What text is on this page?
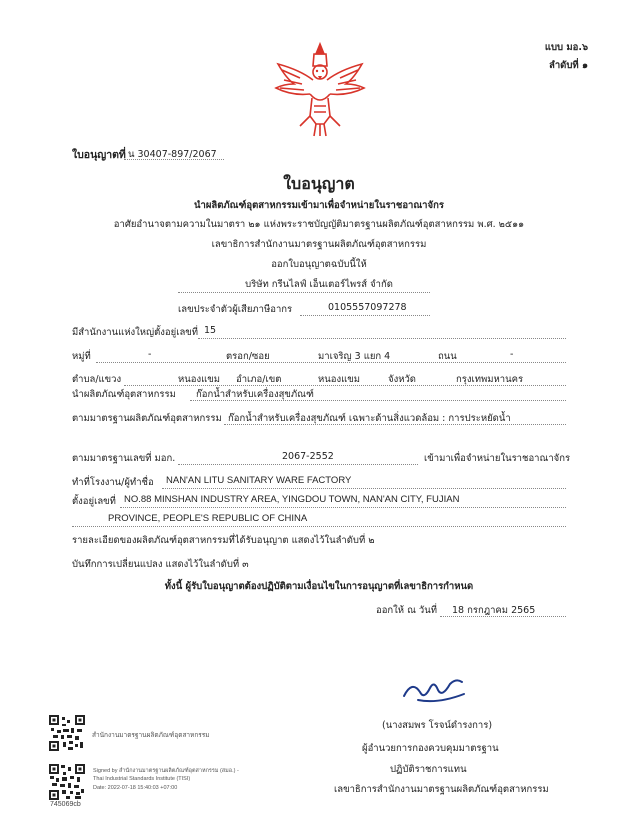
แบบ มอ.๖
ลำดับที่ ๑
ใบอนุญาตที่ น 30407-897/2067
ใบอนุญาต
นำผลิตภัณฑ์อุตสาหกรรมเข้ามาเพื่อจำหน่ายในราชอาณาจักร
อาศัยอำนาจตามความในมาตรา ๒๑ แห่งพระราชบัญญัติมาตรฐานผลิตภัณฑ์อุตสาหกรรม พ.ศ. ๒๕๑๑
เลขาธิการสำนักงานมาตรฐานผลิตภัณฑ์อุตสาหกรรม
ออกใบอนุญาตฉบับนี้ให้
บริษัท กรีนไลฟ์ เอ็นเตอร์ไพรส์ จำกัด
เลขประจำตัวผู้เสียภาษีอากร	0105557097278
มีสำนักงานแห่งใหญ่ตั้งอยู่เลขที่ 15
หมู่ที่	-	ตรอก/ซอย	มาเจริญ 3 แยก 4	ถนน	-
ตำบล/แขวง	หนองแขม อำเภอ/เขต	หนองแขม	จังหวัด	กรุงเทพมหานคร
นำผลิตภัณฑ์อุตสาหกรรม ก๊อกน้ำสำหรับเครื่องสุขภัณฑ์
ตามมาตรฐานผลิตภัณฑ์อุตสาหกรรม ก๊อกน้ำสำหรับเครื่องสุขภัณฑ์ เฉพาะด้านสิ่งแวดล้อม : การประหยัดน้ำ
ตามมาตรฐานเลขที่ มอก.	2067-2552	เข้ามาเพื่อจำหน่ายในราชอาณาจักร
ทำที่โรงงาน/ผู้ทำชื่อ NAN'AN LITU SANITARY WARE FACTORY
ตั้งอยู่เลขที่ NO.88 MINSHAN INDUSTRY AREA, YINGDOU TOWN, NAN'AN CITY, FUJIAN
PROVINCE, PEOPLE'S REPUBLIC OF CHINA
รายละเอียดของผลิตภัณฑ์อุตสาหกรรมที่ได้รับอนุญาต แสดงไว้ในลำดับที่ ๒
บันทึกการเปลี่ยนแปลง แสดงไว้ในลำดับที่ ๓
ทั้งนี้ ผู้รับใบอนุญาตต้องปฏิบัติตามเงื่อนไขในการอนุญาตที่เลขาธิการกำหนด
ออกให้ ณ วันที่ 18 กรกฎาคม 2565
(นางสมพร โรจน์ดำรงการ)
ผู้อำนวยการกองควบคุมมาตรฐาน
ปฏิบัติราชการแทน
เลขาธิการสำนักงานมาตรฐานผลิตภัณฑ์อุตสาหกรรม
สำนักงานมาตรฐานผลิตภัณฑ์อุตสาหกรรม
Signed by สำนักงานมาตรฐานผลิตภัณฑ์อุตสาหกรรม (สมอ.) -
Thai Industrial Standards Institute (TISI)
Date: 2022-07-18 15:40:03 +07:00
745069cb
